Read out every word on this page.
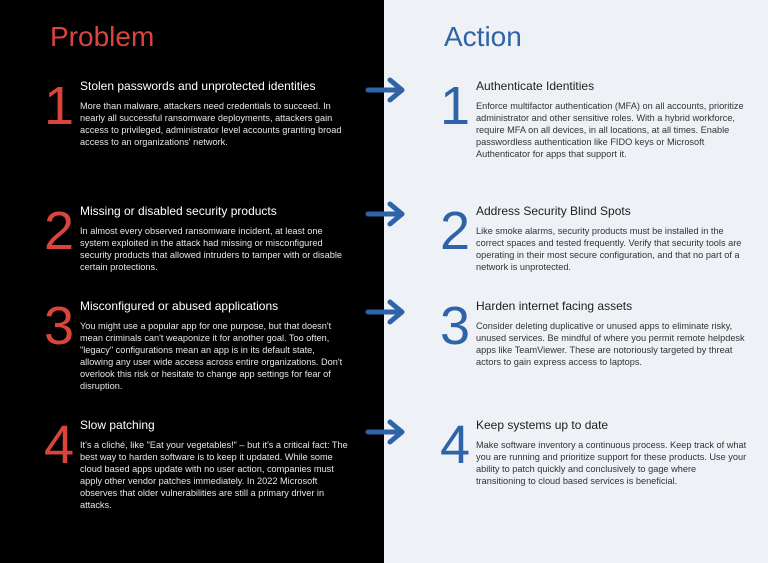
Problem	Action
1 Stolen passwords and unprotected identities
More than malware, attackers need credentials to succeed. In nearly all successful ransomware deployments, attackers gain access to privileged, administrator level accounts granting broad access to an organizations' network.
2 Missing or disabled security products
In almost every observed ransomware incident, at least one system exploited in the attack had missing or misconfigured security products that allowed intruders to tamper with or disable certain protections.
3 Misconfigured or abused applications
You might use a popular app for one purpose, but that doesn't mean criminals can't weaponize it for another goal. Too often, "legacy" configurations mean an app is in its default state, allowing any user wide access across entire organizations. Don't overlook this risk or hesitate to change app settings for fear of disruption.
4 Slow patching
It's a cliché, like "Eat your vegetables!" – but it's a critical fact: The best way to harden software is to keep it updated. While some cloud based apps update with no user action, companies must apply other vendor patches immediately. In 2022 Microsoft observes that older vulnerabilities are still a primary driver in attacks.
1 Authenticate Identities
Enforce multifactor authentication (MFA) on all accounts, prioritize administrator and other sensitive roles. With a hybrid workforce, require MFA on all devices, in all locations, at all times. Enable passwordless authentication like FIDO keys or Microsoft Authenticator for apps that support it.
2 Address Security Blind Spots
Like smoke alarms, security products must be installed in the correct spaces and tested frequently. Verify that security tools are operating in their most secure configuration, and that no part of a network is unprotected.
3 Harden internet facing assets
Consider deleting duplicative or unused apps to eliminate risky, unused services. Be mindful of where you permit remote helpdesk apps like TeamViewer. These are notoriously targeted by threat actors to gain express access to laptops.
4 Keep systems up to date
Make software inventory a continuous process. Keep track of what you are running and prioritize support for these products. Use your ability to patch quickly and conclusively to gage where transitioning to cloud based services is beneficial.
